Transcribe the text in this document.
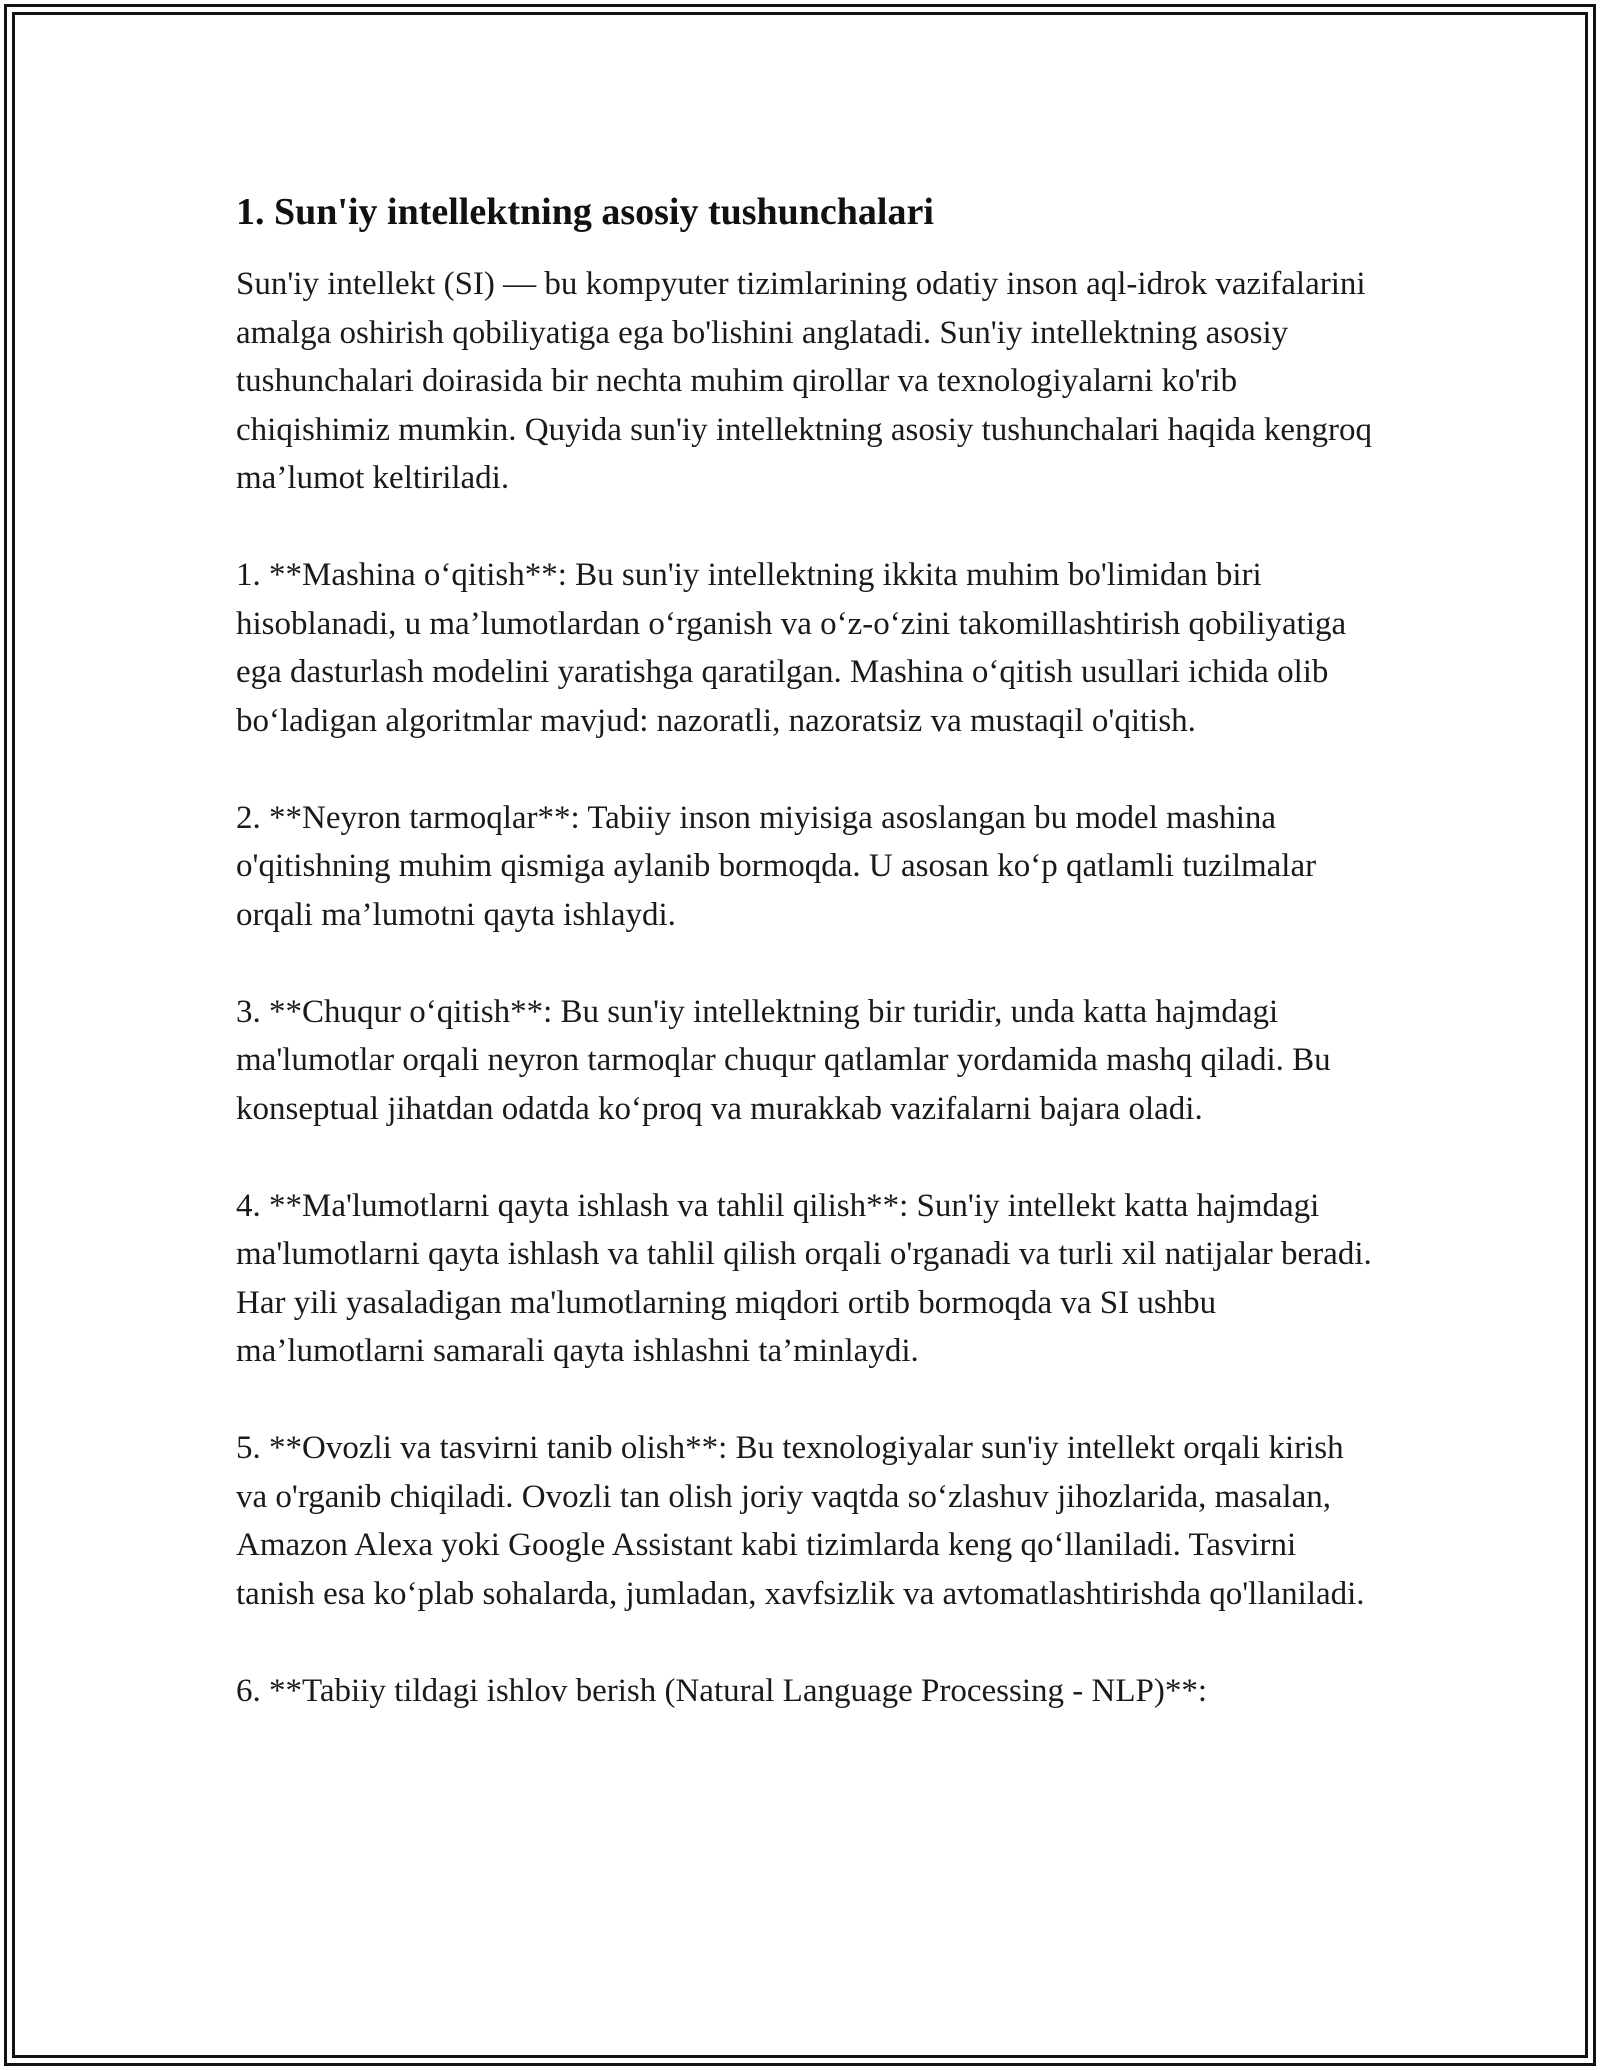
1. Sun'iy intellektning asosiy tushunchalari

Sun'iy intellekt (SI) — bu kompyuter tizimlarining odatiy inson aql-idrok vazifalarini amalga oshirish qobiliyatiga ega bo'lishini anglatadi. Sun'iy intellektning asosiy tushunchalari doirasida bir nechta muhim qirollar va texnologiyalarni ko'rib chiqishimiz mumkin. Quyida sun'iy intellektning asosiy tushunchalari haqida kengroq ma’lumot keltiriladi.

1. **Mashina oʻqitish**: Bu sun'iy intellektning ikkita muhim bo'limidan biri hisoblanadi, u ma’lumotlardan oʻrganish va oʻz-oʻzini takomillashtirish qobiliyatiga ega dasturlash modelini yaratishga qaratilgan. Mashina oʻqitish usullari ichida olib boʻladigan algoritmlar mavjud: nazoratli, nazoratsiz va mustaqil o'qitish.

2. **Neyron tarmoqlar**: Tabiiy inson miyisiga asoslangan bu model mashina o'qitishning muhim qismiga aylanib bormoqda. U asosan koʻp qatlamli tuzilmalar orqali ma’lumotni qayta ishlaydi.

3. **Chuqur oʻqitish**: Bu sun'iy intellektning bir turidir, unda katta hajmdagi ma'lumotlar orqali neyron tarmoqlar chuqur qatlamlar yordamida mashq qiladi. Bu konseptual jihatdan odatda koʻproq va murakkab vazifalarni bajara oladi.

4. **Ma'lumotlarni qayta ishlash va tahlil qilish**: Sun'iy intellekt katta hajmdagi ma'lumotlarni qayta ishlash va tahlil qilish orqali o'rganadi va turli xil natijalar beradi. Har yili yasaladigan ma'lumotlarning miqdori ortib bormoqda va SI ushbu ma’lumotlarni samarali qayta ishlashni ta’minlaydi.

5. **Ovozli va tasvirni tanib olish**: Bu texnologiyalar sun'iy intellekt orqali kirish va o'rganib chiqiladi. Ovozli tan olish joriy vaqtda soʻzlashuv jihozlarida, masalan, Amazon Alexa yoki Google Assistant kabi tizimlarda keng qoʻllaniladi. Tasvirni tanish esa koʻplab sohalarda, jumladan, xavfsizlik va avtomatlashtirishda qo'llaniladi.

6. **Tabiiy tildagi ishlov berish (Natural Language Processing - NLP)**:
